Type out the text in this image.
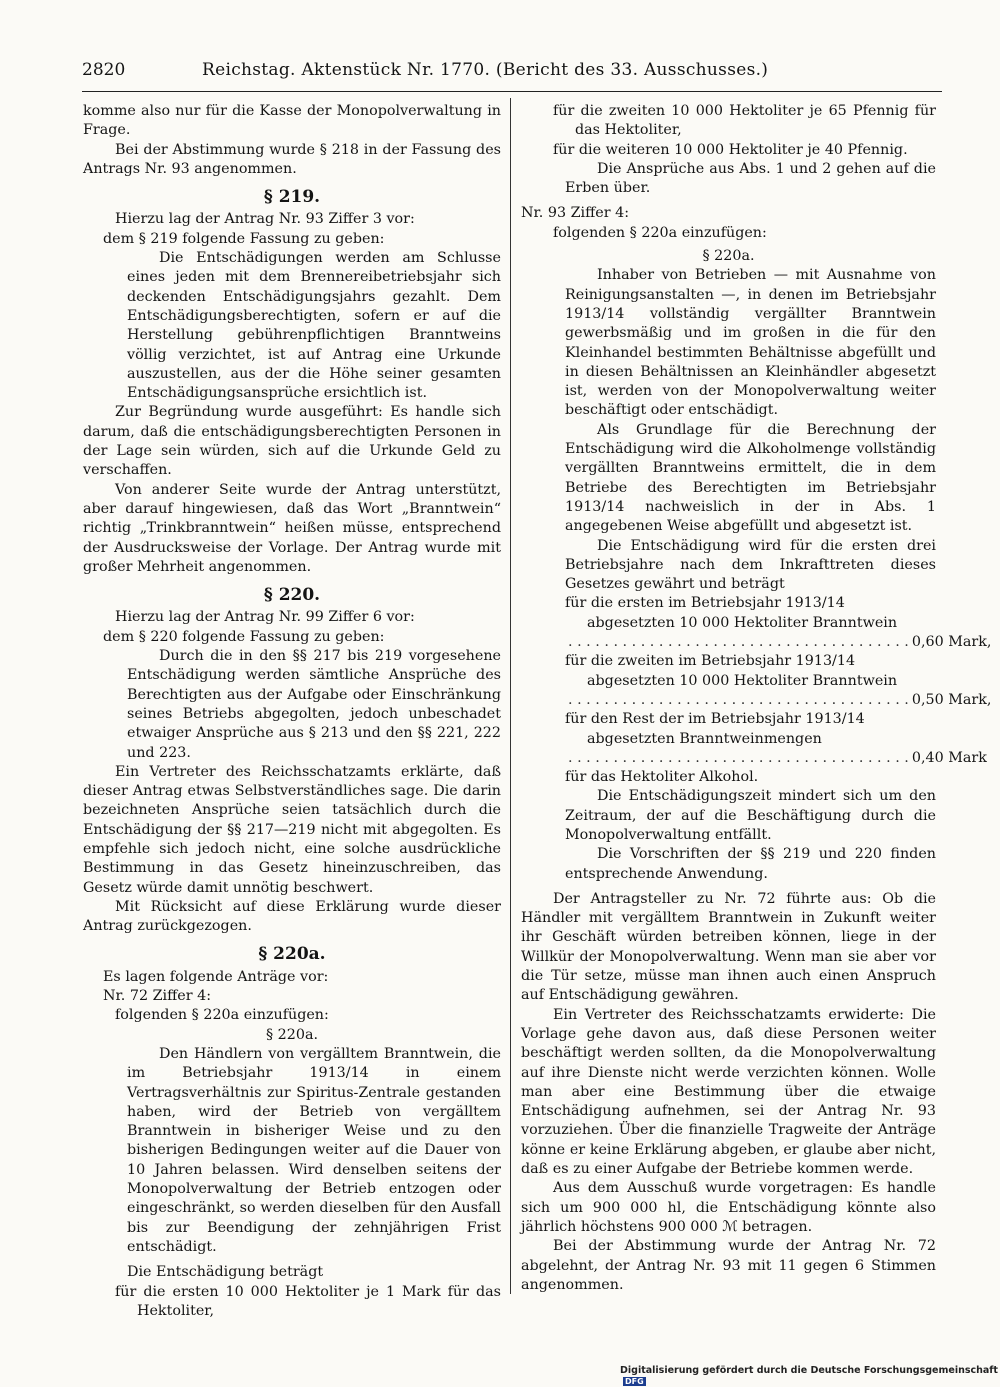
2820	Reichstag. Aktenstück Nr. 1770. (Bericht des 33. Ausschusses.)

komme also nur für die Kasse der Monopolverwaltung in Frage.

Bei der Abstimmung wurde § 218 in der Fassung des Antrags Nr. 93 angenommen.

§ 219.

Hierzu lag der Antrag Nr. 93 Ziffer 3 vor:

dem § 219 folgende Fassung zu geben:

Die Entschädigungen werden am Schlusse eines jeden mit dem Brennereibetriebsjahr sich deckenden Entschädigungsjahrs gezahlt. Dem Entschädigungsberechtigten, sofern er auf die Herstellung gebührenpflichtigen Branntweins völlig verzichtet, ist auf Antrag eine Urkunde auszustellen, aus der die Höhe seiner gesamten Entschädigungsansprüche ersichtlich ist.

Zur Begründung wurde ausgeführt: Es handle sich darum, daß die entschädigungsberechtigten Personen in der Lage sein würden, sich auf die Urkunde Geld zu verschaffen.

Von anderer Seite wurde der Antrag unterstützt, aber darauf hingewiesen, daß das Wort „Branntwein“ richtig „Trinkbranntwein“ heißen müsse, entsprechend der Ausdrucksweise der Vorlage. Der Antrag wurde mit großer Mehrheit angenommen.

§ 220.

Hierzu lag der Antrag Nr. 99 Ziffer 6 vor:

dem § 220 folgende Fassung zu geben:

Durch die in den §§ 217 bis 219 vorgesehene Entschädigung werden sämtliche Ansprüche des Berechtigten aus der Aufgabe oder Einschränkung seines Betriebs abgegolten, jedoch unbeschadet etwaiger Ansprüche aus § 213 und den §§ 221, 222 und 223.

Ein Vertreter des Reichsschatzamts erklärte, daß dieser Antrag etwas Selbstverständliches sage. Die darin bezeichneten Ansprüche seien tatsächlich durch die Entschädigung der §§ 217—219 nicht mit abgegolten. Es empfehle sich jedoch nicht, eine solche ausdrückliche Bestimmung in das Gesetz hineinzuschreiben, das Gesetz würde damit unnötig beschwert.

Mit Rücksicht auf diese Erklärung wurde dieser Antrag zurückgezogen.

§ 220a.

Es lagen folgende Anträge vor:

Nr. 72 Ziffer 4:

folgenden § 220a einzufügen:

§ 220a.

Den Händlern von vergälltem Branntwein, die im Betriebsjahr 1913/14 in einem Vertragsverhältnis zur Spiritus-Zentrale gestanden haben, wird der Betrieb von vergälltem Branntwein in bisheriger Weise und zu den bisherigen Bedingungen weiter auf die Dauer von 10 Jahren belassen. Wird denselben seitens der Monopolverwaltung der Betrieb entzogen oder eingeschränkt, so werden dieselben für den Ausfall bis zur Beendigung der zehnjährigen Frist entschädigt.

Die Entschädigung beträgt

für die ersten 10 000 Hektoliter je 1 Mark für das Hektoliter,

für die zweiten 10 000 Hektoliter je 65 Pfennig für das Hektoliter,

für die weiteren 10 000 Hektoliter je 40 Pfennig.

Die Ansprüche aus Abs. 1 und 2 gehen auf die Erben über.

Nr. 93 Ziffer 4:

folgenden § 220a einzufügen:

§ 220a.

Inhaber von Betrieben — mit Ausnahme von Reinigungsanstalten —, in denen im Betriebsjahr 1913/14 vollständig vergällter Branntwein gewerbsmäßig und im großen in die für den Kleinhandel bestimmten Behältnisse abgefüllt und in diesen Behältnissen an Kleinhändler abgesetzt ist, werden von der Monopolverwaltung weiter beschäftigt oder entschädigt.

Als Grundlage für die Berechnung der Entschädigung wird die Alkoholmenge vollständig vergällten Branntweins ermittelt, die in dem Betriebe des Berechtigten im Betriebsjahr 1913/14 nachweislich in der in Abs. 1 angegebenen Weise abgefüllt und abgesetzt ist.

Die Entschädigung wird für die ersten drei Betriebsjahre nach dem Inkrafttreten dieses Gesetzes gewährt und beträgt

für die ersten im Betriebsjahr 1913/14 abgesetzten 10 000 Hektoliter Branntwein
. . . . . . . . . . . . . . . . . . . . . . . . . . . . . . . . . . . . . . 0,60 Mark,
für die zweiten im Betriebsjahr 1913/14 abgesetzten 10 000 Hektoliter Branntwein
. . . . . . . . . . . . . . . . . . . . . . . . . . . . . . . . . . . . . . 0,50 Mark,
für den Rest der im Betriebsjahr 1913/14 abgesetzten Branntweinmengen
. . . . . . . . . . . . . . . . . . . . . . . . . . . . . . . . . . . . . . 0,40 Mark

für das Hektoliter Alkohol.

Die Entschädigungszeit mindert sich um den Zeitraum, der auf die Beschäftigung durch die Monopolverwaltung entfällt.

Die Vorschriften der §§ 219 und 220 finden entsprechende Anwendung.

Der Antragsteller zu Nr. 72 führte aus: Ob die Händler mit vergälltem Branntwein in Zukunft weiter ihr Geschäft würden betreiben können, liege in der Willkür der Monopolverwaltung. Wenn man sie aber vor die Tür setze, müsse man ihnen auch einen Anspruch auf Entschädigung gewähren.

Ein Vertreter des Reichsschatzamts erwiderte: Die Vorlage gehe davon aus, daß diese Personen weiter beschäftigt werden sollten, da die Monopolverwaltung auf ihre Dienste nicht werde verzichten können. Wolle man aber eine Bestimmung über die etwaige Entschädigung aufnehmen, sei der Antrag Nr. 93 vorzuziehen. Über die finanzielle Tragweite der Anträge könne er keine Erklärung abgeben, er glaube aber nicht, daß es zu einer Aufgabe der Betriebe kommen werde.

Aus dem Ausschuß wurde vorgetragen: Es handle sich um 900 000 hl, die Entschädigung könnte also jährlich höchstens 900 000 ℳ betragen.

Bei der Abstimmung wurde der Antrag Nr. 72 abgelehnt, der Antrag Nr. 93 mit 11 gegen 6 Stimmen angenommen.

Digitalisierung gefördert durch die Deutsche Forschungsgemeinschaft DFG
